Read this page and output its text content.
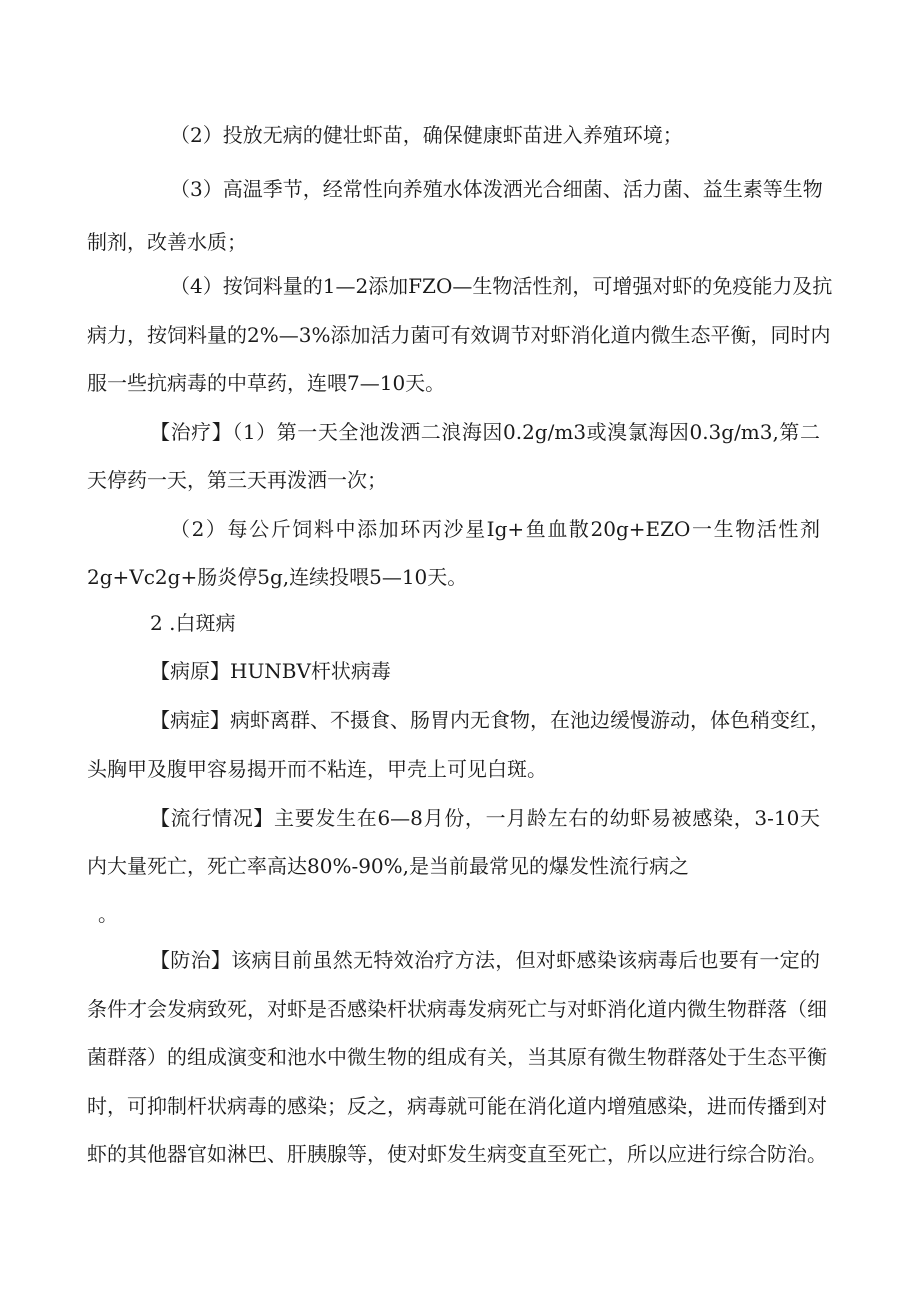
（2）投放无病的健壮虾苗，确保健康虾苗进入养殖环境；
（3）高温季节，经常性向养殖水体泼洒光合细菌、活力菌、益生素等生物
制剂，改善水质；
（4）按饲料量的1—2添加FZO—生物活性剂，可增强对虾的免疫能力及抗
病力，按饲料量的2%—3%添加活力菌可有效调节对虾消化道内微生态平衡，同时内
服一些抗病毒的中草药，连喂7—10天。
【治疗】（1）第一天全池泼洒二浪海因0.2g/m3或溴氯海因0.3g/m3,第二
天停药一天，第三天再泼洒一次；
（2）每公斤饲料中添加环丙沙星Ig+鱼血散20g+EZO一生物活性剂
2g+Vc2g+肠炎停5g,连续投喂5—10天。
2 .白斑病
【病原】HUNBV杆状病毒
【病症】病虾离群、不摄食、肠胃内无食物，在池边缓慢游动，体色稍变红，
头胸甲及腹甲容易揭开而不粘连，甲壳上可见白斑。
【流行情况】主要发生在6—8月份，一月龄左右的幼虾易被感染，3-10天
内大量死亡，死亡率高达80%-90%,是当前最常见的爆发性流行病之
。
【防治】该病目前虽然无特效治疗方法，但对虾感染该病毒后也要有一定的
条件才会发病致死，对虾是否感染杆状病毒发病死亡与对虾消化道内微生物群落（细
菌群落）的组成演变和池水中微生物的组成有关，当其原有微生物群落处于生态平衡
时，可抑制杆状病毒的感染；反之，病毒就可能在消化道内增殖感染，进而传播到对
虾的其他器官如淋巴、肝胰腺等，使对虾发生病变直至死亡，所以应进行综合防治。
